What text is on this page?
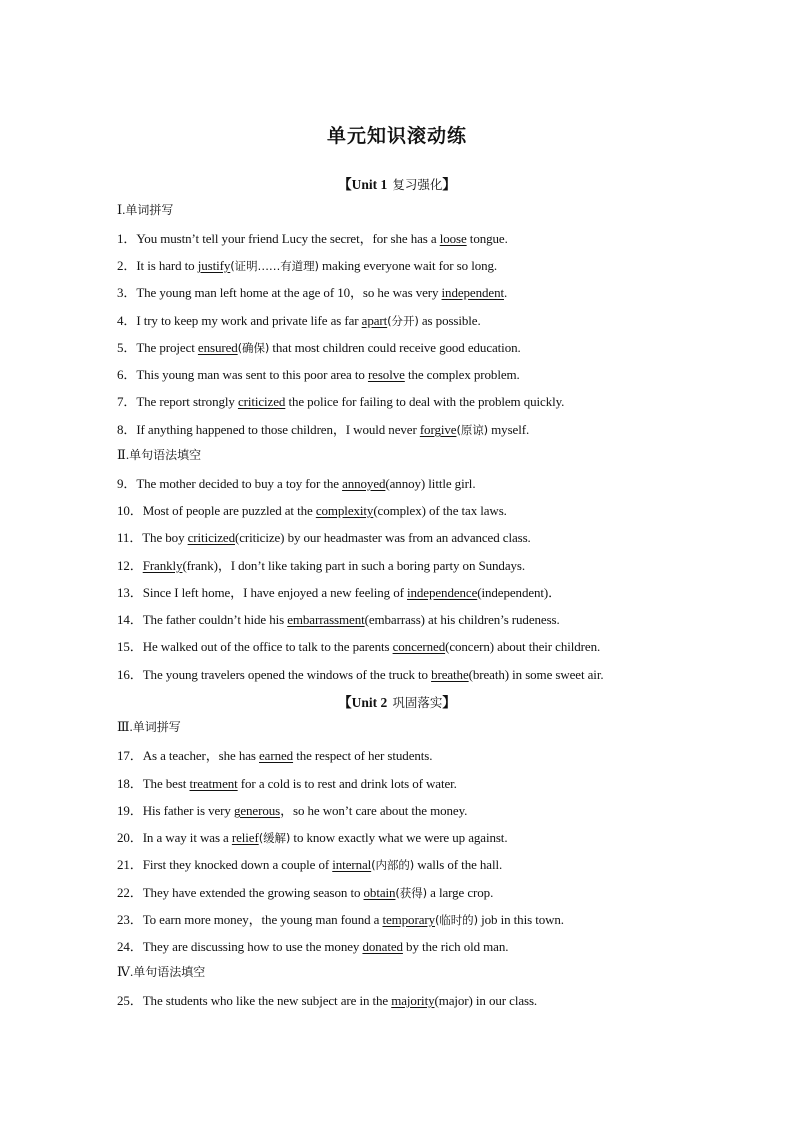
单元知识滚动练
【Unit 1 复习强化】
Ⅰ.单词拼写
1．You mustn’t tell your friend Lucy the secret，for she has a loose tongue.
2．It is hard to justify(证明……有道理) making everyone wait for so long.
3．The young man left home at the age of 10，so he was very independent.
4．I try to keep my work and private life as far apart(分开) as possible.
5．The project ensured(确保) that most children could receive good education.
6．This young man was sent to this poor area to resolve the complex problem.
7．The report strongly criticized the police for failing to deal with the problem quickly.
8．If anything happened to those children，I would never forgive(原谅) myself.
Ⅱ.单句语法填空
9．The mother decided to buy a toy for the annoyed(annoy) little girl.
10．Most of people are puzzled at the complexity(complex) of the tax laws.
11．The boy criticized(criticize) by our headmaster was from an advanced class.
12．Frankly(frank)，I don’t like taking part in such a boring party on Sundays.
13．Since I left home，I have enjoyed a new feeling of independence(independent)．
14．The father couldn’t hide his embarrassment(embarrass) at his children’s rudeness.
15．He walked out of the office to talk to the parents concerned(concern) about their children.
16．The young travelers opened the windows of the truck to breathe(breath) in some sweet air.
【Unit 2 巩固落实】
Ⅲ.单词拼写
17．As a teacher，she has earned the respect of her students.
18．The best treatment for a cold is to rest and drink lots of water.
19．His father is very generous，so he won’t care about the money.
20．In a way it was a relief(缓解) to know exactly what we were up against.
21．First they knocked down a couple of internal(内部的) walls of the hall.
22．They have extended the growing season to obtain(获得) a large crop.
23．To earn more money，the young man found a temporary(临时的) job in this town.
24．They are discussing how to use the money donated by the rich old man.
Ⅳ.单句语法填空
25．The students who like the new subject are in the majority(major) in our class.
